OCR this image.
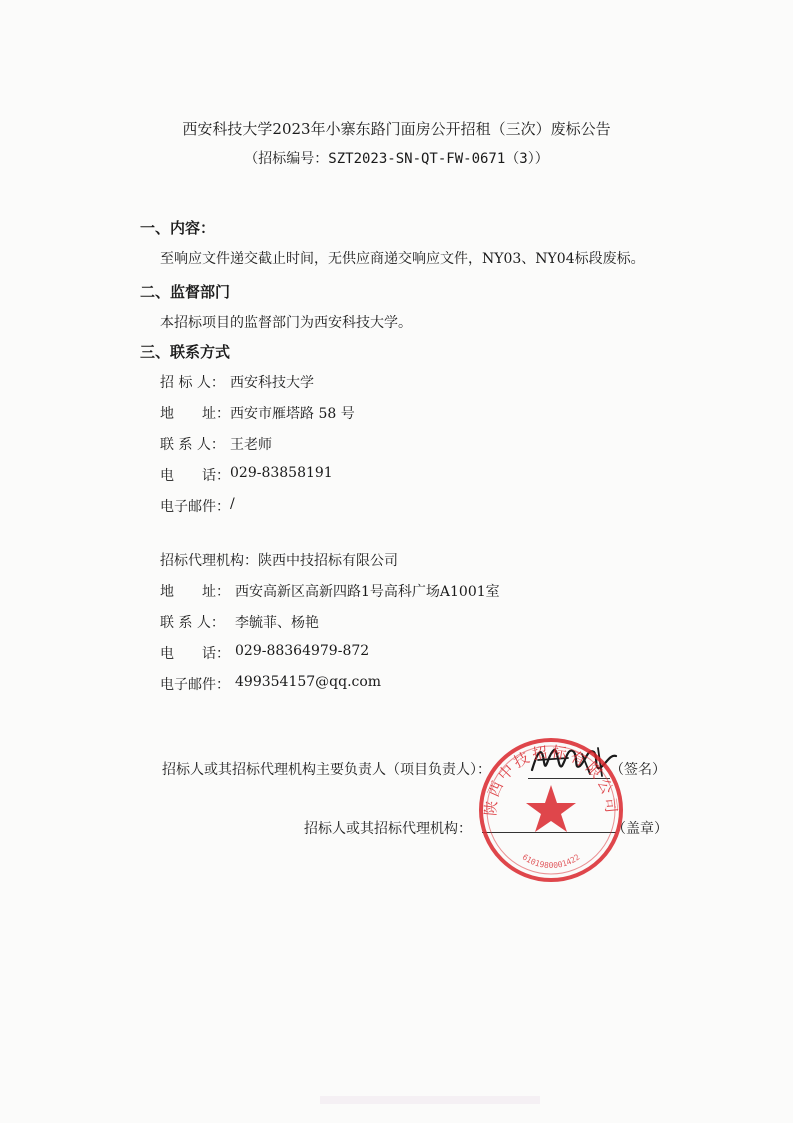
西安科技大学2023年小寨东路门面房公开招租（三次）废标公告
（招标编号：SZT2023-SN-QT-FW-0671（3））
一、内容：
至响应文件递交截止时间，无供应商递交响应文件，NY03、NY04标段废标。
二、监督部门
本招标项目的监督部门为西安科技大学。
三、联系方式
招 标 人： 西安科技大学
地　　址： 西安市雁塔路 58 号
联 系 人： 王老师
电　　话： 029-83858191
电子邮件： /
招标代理机构： 陕西中技招标有限公司
地　　址： 西安高新区高新四路1号高科广场A1001室
联 系 人： 李毓菲、杨艳
电　　话： 029-88364979-872
电子邮件： 499354157@qq.com
招标人或其招标代理机构主要负责人（项目负责人）：	（签名）
招标人或其招标代理机构：	（盖章）
陕西中技招标有限公司
6101980001422
